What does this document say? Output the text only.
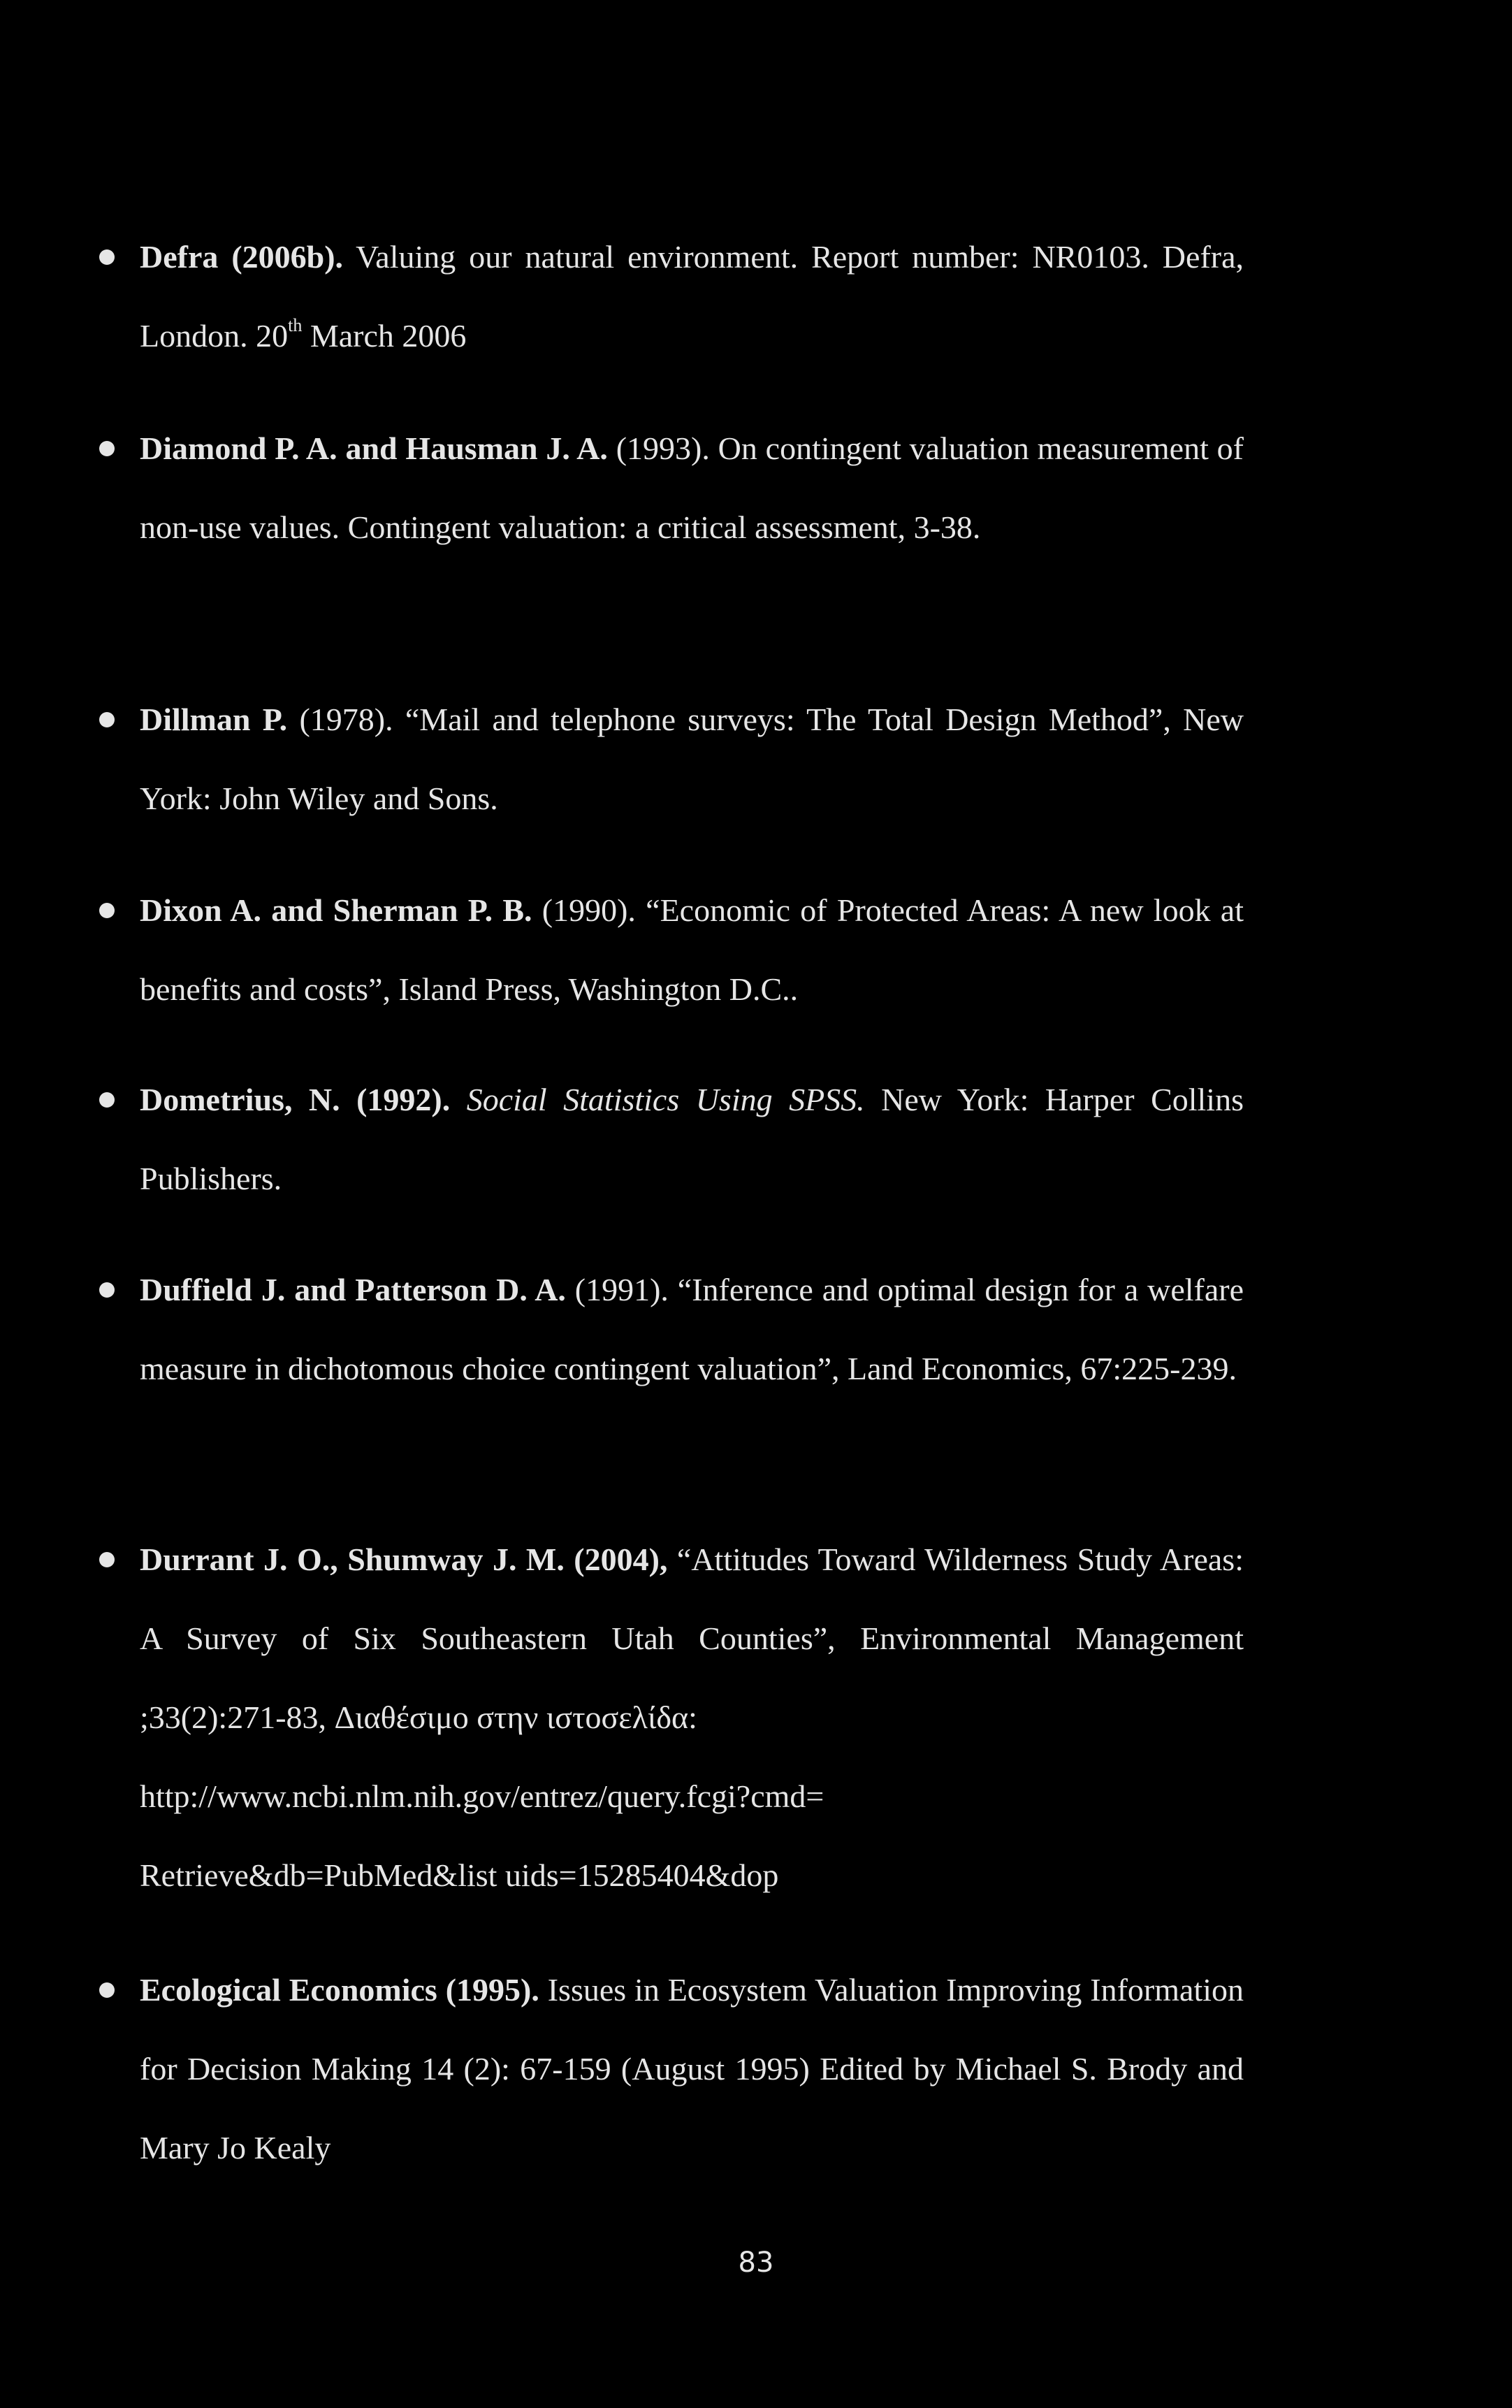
Defra (2006b). Valuing our natural environment. Report number: NR0103. Defra, London. 20th March 2006
Diamond P. A. and Hausman J. A. (1993). On contingent valuation measurement of non-use values. Contingent valuation: a critical assessment, 3-38.
Dillman P. (1978). “Mail and telephone surveys: The Total Design Method”, New York: John Wiley and Sons.
Dixon A. and Sherman P. B. (1990). “Economic of Protected Areas: A new look at benefits and costs”, Island Press, Washington D.C..
Dometrius, N. (1992). Social Statistics Using SPSS. New York: Harper Collins Publishers.
Duffield J. and Patterson D. A. (1991). “Inference and optimal design for a welfare measure in dichotomous choice contingent valuation”, Land Economics, 67:225-239.
Durrant J. O., Shumway J. M. (2004), “Attitudes Toward Wilderness Study Areas: A Survey of Six Southeastern Utah Counties”, Environmental Management ;33(2):271-83, Διαθέσιμο στην ιστοσελίδα:
http://www.ncbi.nlm.nih.gov/entrez/query.fcgi?cmd=
Retrieve&db=PubMed&list uids=15285404&dop
Ecological Economics (1995). Issues in Ecosystem Valuation Improving Information for Decision Making 14 (2): 67-159 (August 1995) Edited by Michael S. Brody and Mary Jo Kealy
83
